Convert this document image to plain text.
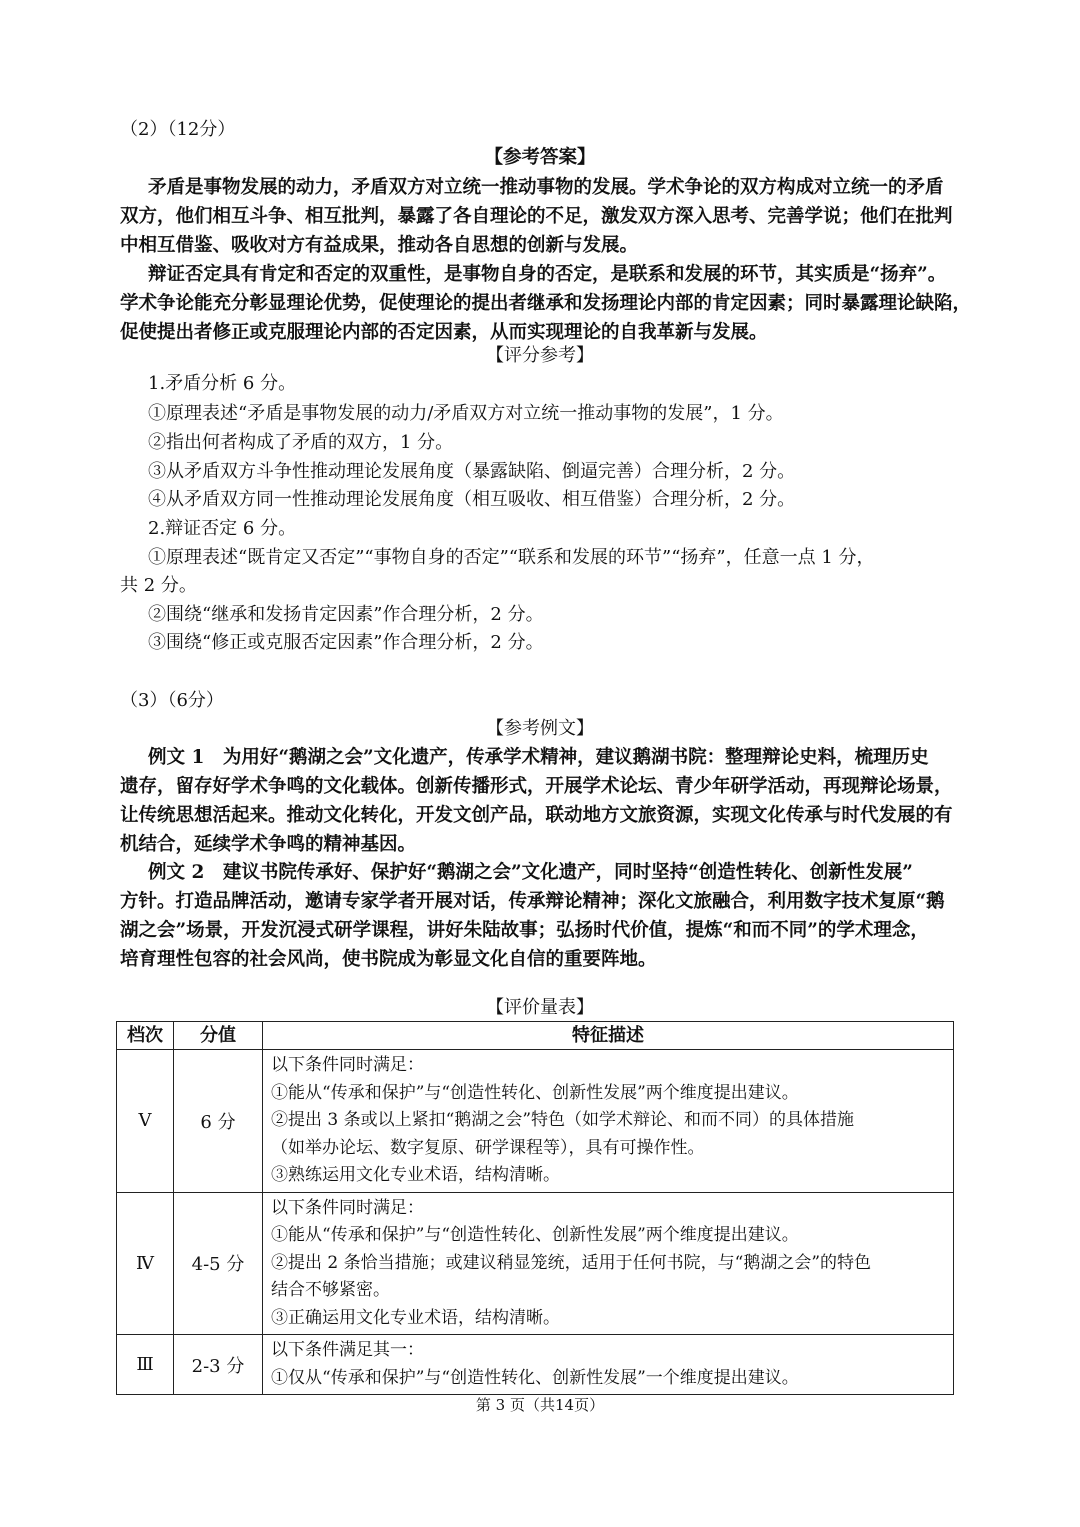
（2）（12分）
【参考答案】
矛盾是事物发展的动力，矛盾双方对立统一推动事物的发展。学术争论的双方构成对立统一的矛盾
双方，他们相互斗争、相互批判，暴露了各自理论的不足，激发双方深入思考、完善学说；他们在批判
中相互借鉴、吸收对方有益成果，推动各自思想的创新与发展。
辩证否定具有肯定和否定的双重性，是事物自身的否定，是联系和发展的环节，其实质是“扬弃”。
学术争论能充分彰显理论优势，促使理论的提出者继承和发扬理论内部的肯定因素；同时暴露理论缺陷，
促使提出者修正或克服理论内部的否定因素，从而实现理论的自我革新与发展。
【评分参考】
1.矛盾分析 6 分。
①原理表述“矛盾是事物发展的动力/矛盾双方对立统一推动事物的发展”，1 分。
②指出何者构成了矛盾的双方，1 分。
③从矛盾双方斗争性推动理论发展角度（暴露缺陷、倒逼完善）合理分析，2 分。
④从矛盾双方同一性推动理论发展角度（相互吸收、相互借鉴）合理分析，2 分。
2.辩证否定 6 分。
①原理表述“既肯定又否定”“事物自身的否定”“联系和发展的环节”“扬弃”，任意一点 1 分，
共 2 分。
②围绕“继承和发扬肯定因素”作合理分析，2 分。
③围绕“修正或克服否定因素”作合理分析，2 分。
（3）（6分）
【参考例文】
例文 1　为用好“鹅湖之会”文化遗产，传承学术精神，建议鹅湖书院：整理辩论史料，梳理历史
遗存，留存好学术争鸣的文化载体。创新传播形式，开展学术论坛、青少年研学活动，再现辩论场景，
让传统思想活起来。推动文化转化，开发文创产品，联动地方文旅资源，实现文化传承与时代发展的有
机结合，延续学术争鸣的精神基因。
例文 2　建议书院传承好、保护好“鹅湖之会”文化遗产，同时坚持“创造性转化、创新性发展”
方针。打造品牌活动，邀请专家学者开展对话，传承辩论精神；深化文旅融合，利用数字技术复原“鹅
湖之会”场景，开发沉浸式研学课程，讲好朱陆故事；弘扬时代价值，提炼“和而不同”的学术理念，
培育理性包容的社会风尚，使书院成为彰显文化自信的重要阵地。
【评价量表】
档次	分值	特征描述
Ⅴ	6 分	以下条件同时满足：
①能从“传承和保护”与“创造性转化、创新性发展”两个维度提出建议。
②提出 3 条或以上紧扣“鹅湖之会”特色（如学术辩论、和而不同）的具体措施
（如举办论坛、数字复原、研学课程等），具有可操作性。
③熟练运用文化专业术语，结构清晰。

Ⅳ	4-5 分	以下条件同时满足：
①能从“传承和保护”与“创造性转化、创新性发展”两个维度提出建议。
②提出 2 条恰当措施；或建议稍显笼统，适用于任何书院，与“鹅湖之会”的特色
结合不够紧密。
③正确运用文化专业术语，结构清晰。

Ⅲ	2-3 分	以下条件满足其一：
①仅从“传承和保护”与“创造性转化、创新性发展”一个维度提出建议。
第 3 页（共14页）
